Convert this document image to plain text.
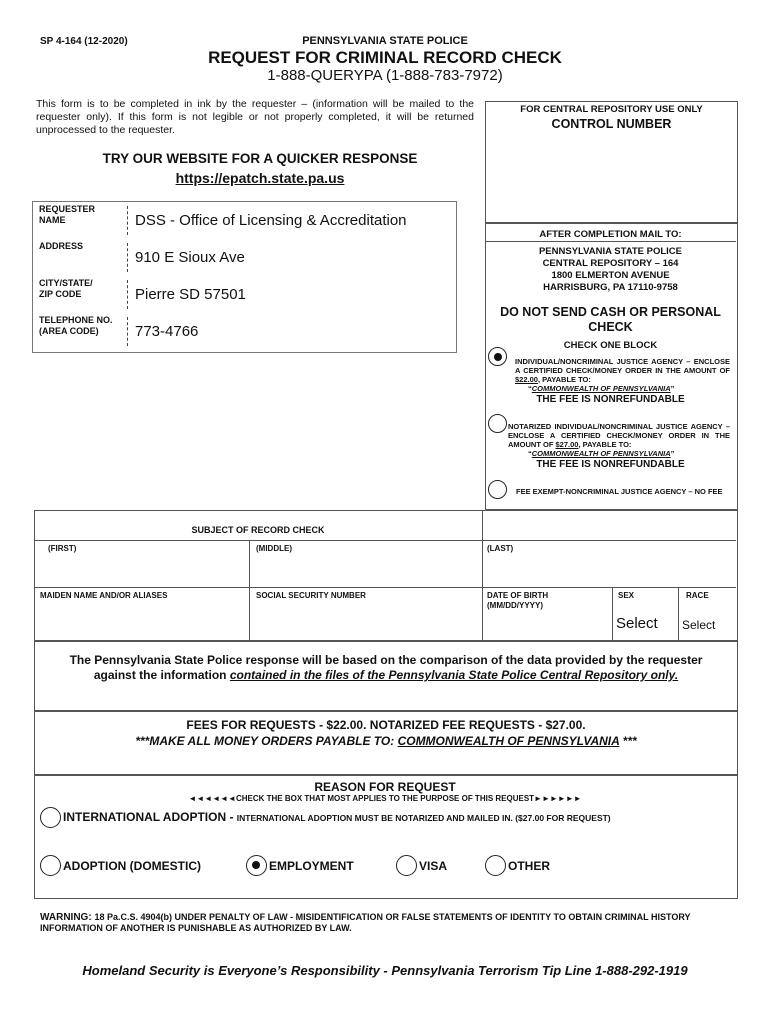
SP 4-164 (12-2020)	PENNSYLVANIA STATE POLICE
REQUEST FOR CRIMINAL RECORD CHECK
1-888-QUERYPA (1-888-783-7972)
This form is to be completed in ink by the requester – (information will be mailed to the requester only). If this form is not legible or not properly completed, it will be returned unprocessed to the requester.
TRY OUR WEBSITE FOR A QUICKER RESPONSE
https://epatch.state.pa.us
REQUESTER
NAME	DSS - Office of Licensing & Accreditation
ADDRESS
910 E Sioux Ave
CITY/STATE/
ZIP CODE	Pierre SD 57501
TELEPHONE NO.
(AREA CODE)	773-4766
FOR CENTRAL REPOSITORY USE ONLY
CONTROL NUMBER
AFTER COMPLETION MAIL TO:
PENNSYLVANIA STATE POLICE
CENTRAL REPOSITORY – 164
1800 ELMERTON AVENUE
HARRISBURG, PA 17110-9758
DO NOT SEND CASH OR PERSONAL
CHECK
CHECK ONE BLOCK
INDIVIDUAL/NONCRIMINAL JUSTICE AGENCY – ENCLOSE A CERTIFIED CHECK/MONEY ORDER IN THE AMOUNT OF $22.00, PAYABLE TO:
“COMMONWEALTH OF PENNSYLVANIA”
THE FEE IS NONREFUNDABLE
NOTARIZED INDIVIDUAL/NONCRIMINAL JUSTICE AGENCY – ENCLOSE A CERTIFIED CHECK/MONEY ORDER IN THE AMOUNT OF $27.00, PAYABLE TO:
“COMMONWEALTH OF PENNSYLVANIA”
THE FEE IS NONREFUNDABLE
FEE EXEMPT-NONCRIMINAL JUSTICE AGENCY – NO FEE
SUBJECT OF RECORD CHECK
(FIRST)	(MIDDLE)	(LAST)
MAIDEN NAME AND/OR ALIASES	SOCIAL SECURITY NUMBER	DATE OF BIRTH
(MM/DD/YYYY)
SEX
Select
RACE
Select
The Pennsylvania State Police response will be based on the comparison of the data provided by the requester
against the information contained in the files of the Pennsylvania State Police Central Repository only.
FEES FOR REQUESTS - $22.00. NOTARIZED FEE REQUESTS - $27.00.
***MAKE ALL MONEY ORDERS PAYABLE TO: COMMONWEALTH OF PENNSYLVANIA ***
REASON FOR REQUEST
◄◄◄◄◄◄CHECK THE BOX THAT MOST APPLIES TO THE PURPOSE OF THIS REQUEST►►►►►►
INTERNATIONAL ADOPTION - INTERNATIONAL ADOPTION MUST BE NOTARIZED AND MAILED IN. ($27.00 FOR REQUEST)
ADOPTION (DOMESTIC)	EMPLOYMENT	VISA	OTHER
WARNING: 18 Pa.C.S. 4904(b) UNDER PENALTY OF LAW - MISIDENTIFICATION OR FALSE STATEMENTS OF IDENTITY TO OBTAIN CRIMINAL HISTORY INFORMATION OF ANOTHER IS PUNISHABLE AS AUTHORIZED BY LAW.
Homeland Security is Everyone’s Responsibility - Pennsylvania Terrorism Tip Line 1-888-292-1919
